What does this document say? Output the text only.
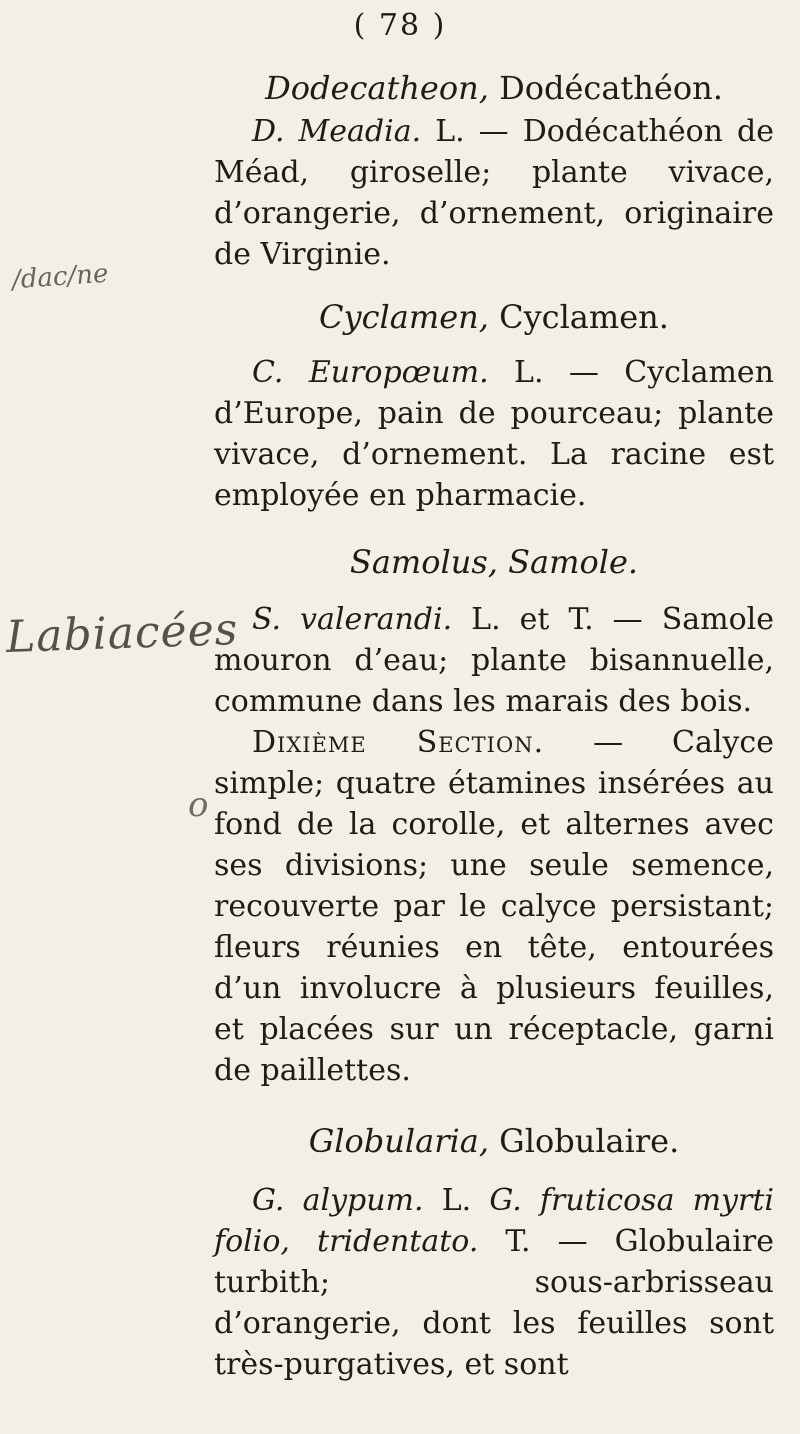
( 78 )
/dac/ne
Labiacées
o

Dodecatheon, Dodécathéon.

D. Meadia. L. — Dodécathéon de Méad, giroselle; plante vivace, d’orangerie, d’ornement, originaire de Virginie.

Cyclamen, Cyclamen.

C. Europœum. L. — Cyclamen d’Europe, pain de pourceau; plante vivace, d’ornement. La racine est employée en pharmacie.

Samolus, Samole.

S. valerandi. L. et T. — Samole mouron d’eau; plante bisannuelle, commune dans les marais des bois.

Dixième Section. — Calyce simple; quatre étamines insérées au fond de la corolle, et alternes avec ses divisions; une seule semence, recouverte par le calyce persistant; fleurs réunies en tête, entourées d’un involucre à plusieurs feuilles, et placées sur un réceptacle, garni de paillettes.

Globularia, Globulaire.

G. alypum. L. G. fruticosa myrti folio, tridentato. T. — Globulaire turbith; sous-arbrisseau d’orangerie, dont les feuilles sont très-purgatives, et sont
